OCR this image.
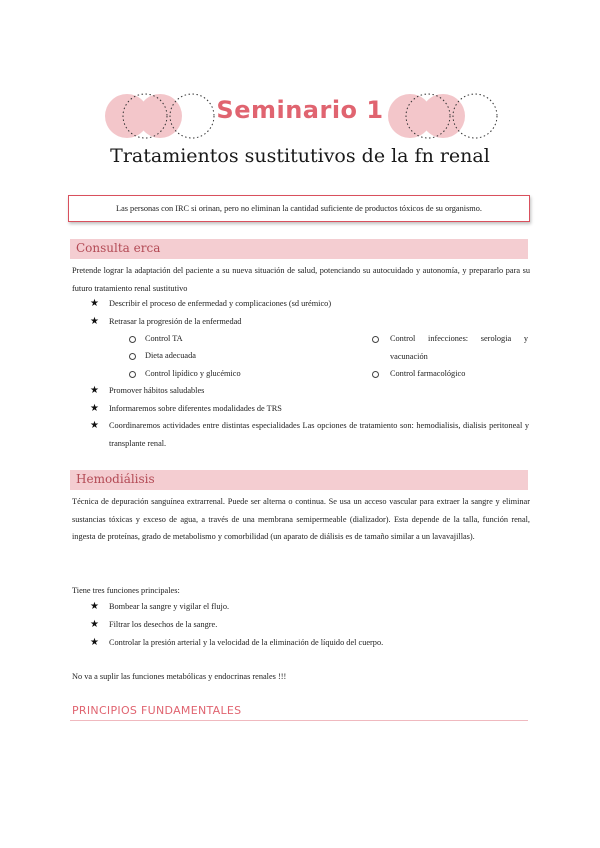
Seminario 1
Tratamientos sustitutivos de la fn renal
Las personas con IRC si orinan, pero no eliminan la cantidad suficiente de productos tóxicos de su organismo.
Consulta erca
Pretende lograr la adaptación del paciente a su nueva situación de salud, potenciando su autocuidado y autonomía, y prepararlo para su futuro tratamiento renal sustitutivo
★ Describir el proceso de enfermedad y complicaciones (sd urémico)
★ Retrasar la progresión de la enfermedad
Control TA
Dieta adecuada
Control lipídico y glucémico
Control infecciones: serologia y vacunación
Control farmacológico
★ Promover hábitos saludables
★ Informaremos sobre diferentes modalidades de TRS
★ Coordinaremos actividades entre distintas especialidades Las opciones de tratamiento son: hemodialisis, dialisis peritoneal y transplante renal.
Hemodiálisis
Técnica de depuración sanguínea extrarrenal. Puede ser alterna o continua. Se usa un acceso vascular para extraer la sangre y eliminar sustancias tóxicas y exceso de agua, a través de una membrana semipermeable (dializador). Esta depende de la talla, función renal, ingesta de proteínas, grado de metabolismo y comorbilidad (un aparato de diálisis es de tamaño similar a un lavavajillas).
Tiene tres funciones principales:
★ Bombear la sangre y vigilar el flujo.
★ Filtrar los desechos de la sangre.
★ Controlar la presión arterial y la velocidad de la eliminación de líquido del cuerpo.
No va a suplir las funciones metabólicas y endocrinas renales !!!
PRINCIPIOS FUNDAMENTALES
